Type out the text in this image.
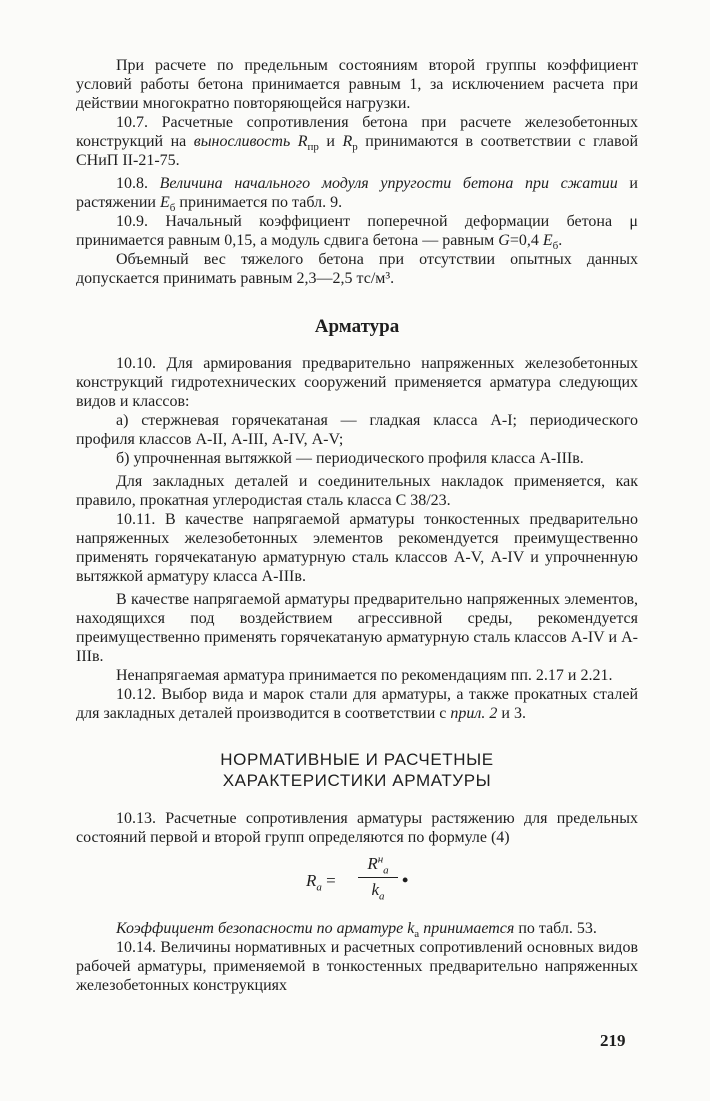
При расчете по предельным состояниям второй группы коэффициент условий работы бетона принимается равным 1, за исключением расчета при действии многократно повторяющейся нагрузки.

10.7. Расчетные сопротивления бетона при расчете железобетонных конструкций на выносливость $R_{пр}$ и $R_р$ принимаются в соответствии с главой СНиП II-21-75.

10.8. Величина начального модуля упругости бетона при сжатии и растяжении $E_б$ принимается по табл. 9.

10.9. Начальный коэффициент поперечной деформации бетона μ принимается равным 0,15, а модуль сдвига бетона — равным G=0,4 $E_б$.

Объемный вес тяжелого бетона при отсутствии опытных данных допускается принимать равным 2,3—2,5 тс/м³.

Арматура

10.10. Для армирования предварительно напряженных железобетонных конструкций гидротехнических сооружений применяется арматура следующих видов и классов:

а) стержневая горячекатаная — гладкая класса А-I; периодического профиля классов А-II, А-III, А-IV, А-V;

б) упрочненная вытяжкой — периодического профиля класса А-IIIв.

Для закладных деталей и соединительных накладок применяется, как правило, прокатная углеродистая сталь класса С 38/23.

10.11. В качестве напрягаемой арматуры тонкостенных предварительно напряженных железобетонных элементов рекомендуется преимущественно применять горячекатаную арматурную сталь классов А-V, А-IV и упрочненную вытяжкой арматуру класса А-IIIв.

В качестве напрягаемой арматуры предварительно напряженных элементов, находящихся под воздействием агрессивной среды, рекомендуется преимущественно применять горячекатаную арматурную сталь классов А-IV и А-IIIв.

Ненапрягаемая арматура принимается по рекомендациям пп. 2.17 и 2.21.

10.12. Выбор вида и марок стали для арматуры, а также прокатных сталей для закладных деталей производится в соответствии с прил. 2 и 3.

НОРМАТИВНЫЕ И РАСЧЕТНЫЕ
ХАРАКТЕРИСТИКИ АРМАТУРЫ

10.13. Расчетные сопротивления арматуры растяжению для предельных состояний первой и второй групп определяются по формуле (4)

$R_а$ =
$R^н_а$
$k_а$
•

Коэффициент безопасности по арматуре $k_а$ принимается по табл. 53.

10.14. Величины нормативных и расчетных сопротивлений основных видов рабочей арматуры, применяемой в тонкостенных предварительно напряженных железобетонных конструкциях

219
